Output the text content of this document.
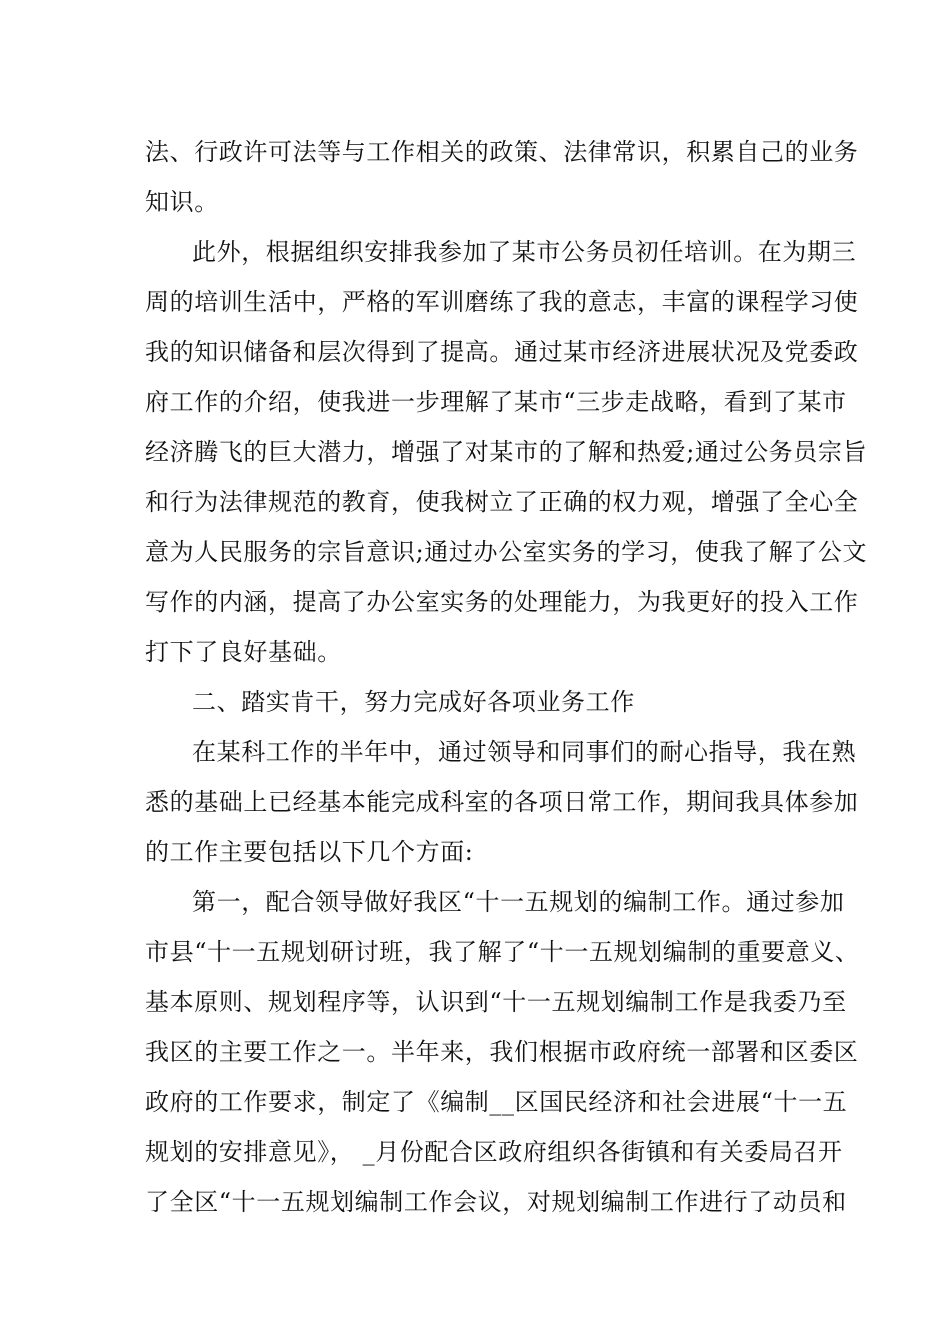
法、行政许可法等与工作相关的政策、法律常识，积累自己的业务
知识。
此外，根据组织安排我参加了某市公务员初任培训。在为期三
周的培训生活中，严格的军训磨练了我的意志，丰富的课程学习使
我的知识储备和层次得到了提高。通过某市经济进展状况及党委政
府工作的介绍，使我进一步理解了某市“三步走战略，看到了某市
经济腾飞的巨大潜力，增强了对某市的了解和热爱;通过公务员宗旨
和行为法律规范的教育，使我树立了正确的权力观，增强了全心全
意为人民服务的宗旨意识;通过办公室实务的学习，使我了解了公文
写作的内涵，提高了办公室实务的处理能力，为我更好的投入工作
打下了良好基础。
二、踏实肯干，努力完成好各项业务工作
在某科工作的半年中，通过领导和同事们的耐心指导，我在熟
悉的基础上已经基本能完成科室的各项日常工作，期间我具体参加
的工作主要包括以下几个方面:
第一，配合领导做好我区“十一五规划的编制工作。通过参加
市县“十一五规划研讨班，我了解了“十一五规划编制的重要意义、
基本原则、规划程序等，认识到“十一五规划编制工作是我委乃至
我区的主要工作之一。半年来，我们根据市政府统一部署和区委区
政府的工作要求，制定了《编制__区国民经济和社会进展“十一五
规划的安排意见》， _月份配合区政府组织各街镇和有关委局召开
了全区“十一五规划编制工作会议，对规划编制工作进行了动员和
